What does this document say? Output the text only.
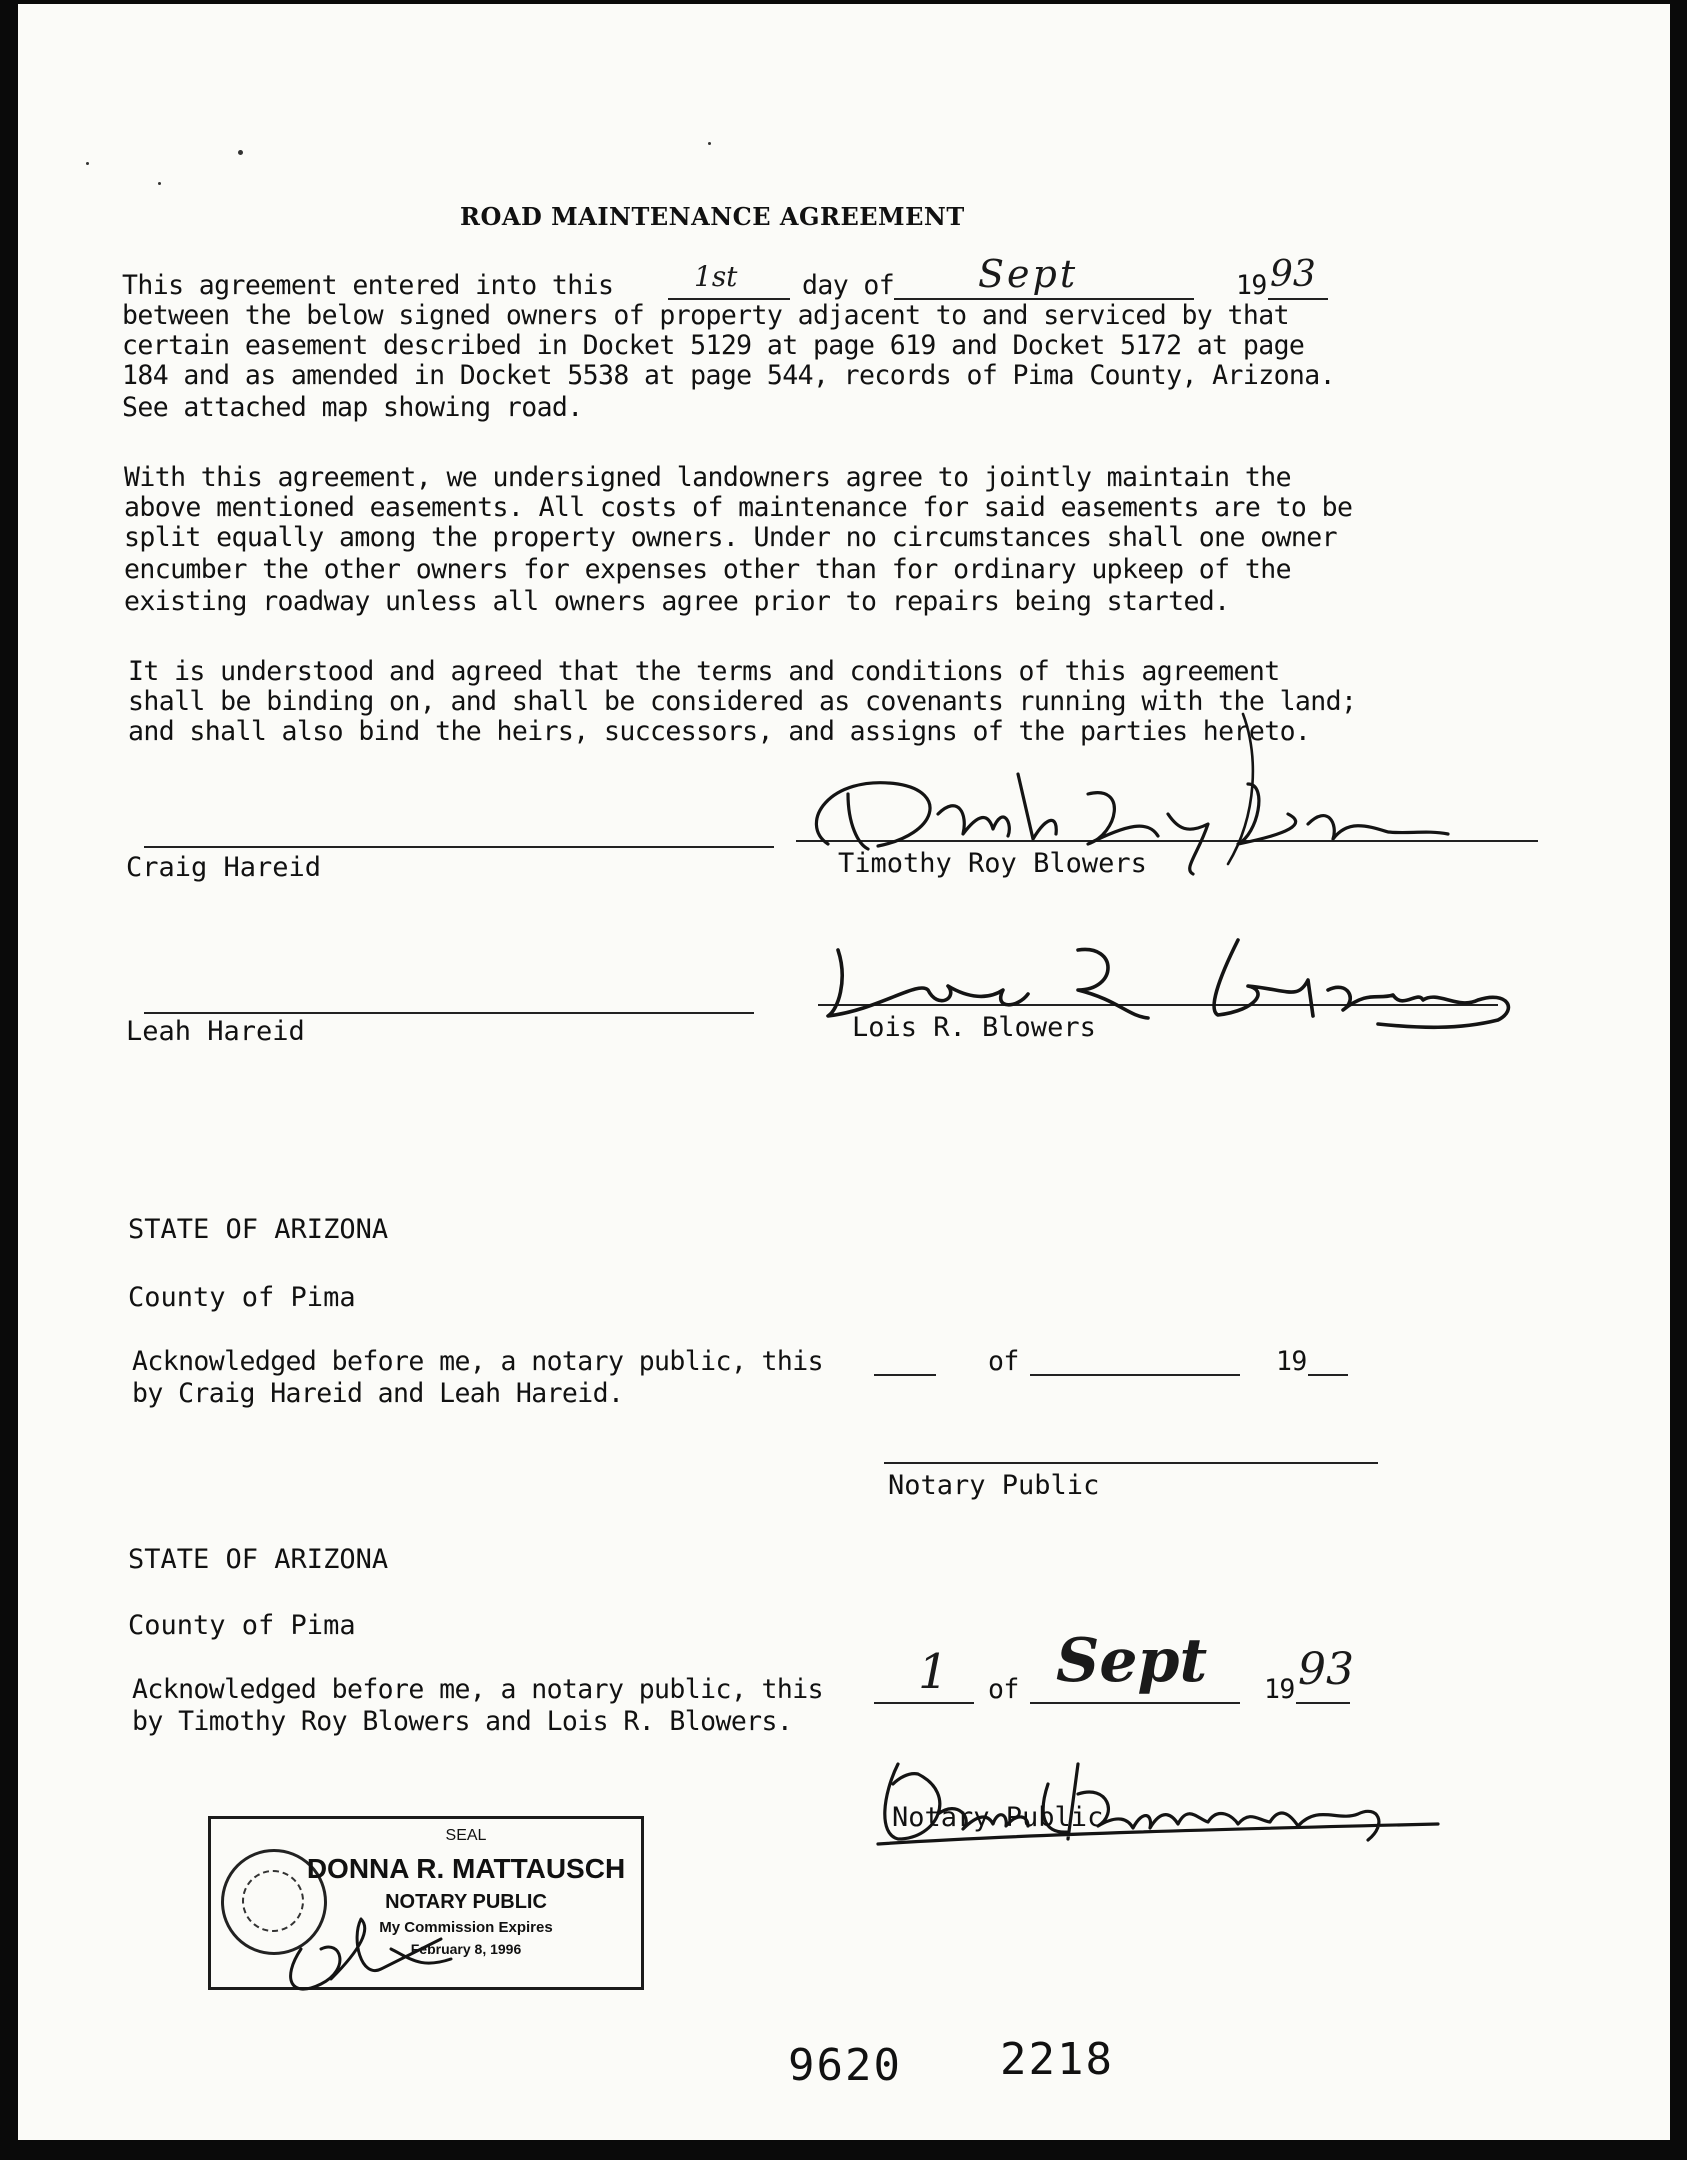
ROAD MAINTENANCE AGREEMENT
This agreement entered into this	1st day of Sept	19 93
between the below signed owners of property adjacent to and serviced by that
certain easement described in Docket 5129 at page 619 and Docket 5172 at page
184 and as amended in Docket 5538 at page 544, records of Pima County, Arizona.
See attached map showing road.
With this agreement, we undersigned landowners agree to jointly maintain the
above mentioned easements. All costs of maintenance for said easements are to be
split equally among the property owners. Under no circumstances shall one owner
encumber the other owners for expenses other than for ordinary upkeep of the
existing roadway unless all owners agree prior to repairs being started.
It is understood and agreed that the terms and conditions of this agreement
shall be binding on, and shall be considered as covenants running with the land;
and shall also bind the heirs, successors, and assigns of the parties hereto.
Craig Hareid	Timothy Roy Blowers
Leah Hareid	Lois R. Blowers
STATE OF ARIZONA
County of Pima
Acknowledged before me, a notary public, this	of	19
by Craig Hareid and Leah Hareid.
Notary Public
STATE OF ARIZONA
County of Pima
Acknowledged before me, a notary public, this 1 of Sept 19 93
by Timothy Roy Blowers and Lois R. Blowers.
Notary Public
SEAL
DONNA R. MATTAUSCH
NOTARY PUBLIC
My Commission Expires
February 8, 1996
9620 2218
